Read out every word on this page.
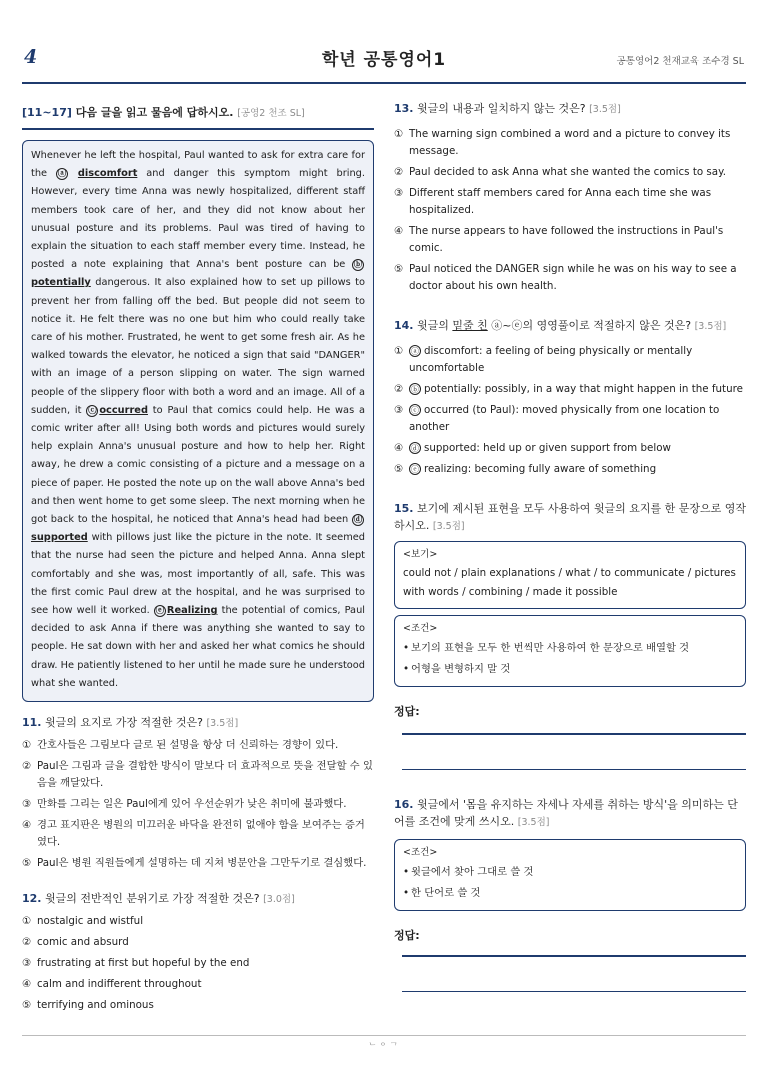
4	학년 공통영어1	공통영어2 천재교육 조수경 SL
[11~17] 다음 글을 읽고 물음에 답하시오. [공영2 천조 SL]
Whenever he left the hospital, Paul wanted to ask for extra care for the ⓐ discomfort and danger this symptom might bring. However, every time Anna was newly hospitalized, different staff members took care of her, and they did not know about her unusual posture and its problems. Paul was tired of having to explain the situation to each staff member every time. Instead, he posted a note explaining that Anna's bent posture can be ⓑpotentially dangerous. It also explained how to set up pillows to prevent her from falling off the bed. But people did not seem to notice it. He felt there was no one but him who could really take care of his mother. Frustrated, he went to get some fresh air. As he walked towards the elevator, he noticed a sign that said "DANGER" with an image of a person slipping on water. The sign warned people of the slippery floor with both a word and an image. All of a sudden, it ⓒ occurred to Paul that comics could help. He was a comic writer after all! Using both words and pictures would surely help explain Anna's unusual posture and how to help her. Right away, he drew a comic consisting of a picture and a message on a piece of paper. He posted the note up on the wall above Anna's bed and then went home to get some sleep. The next morning when he got back to the hospital, he noticed that Anna's head had been ⓓsupported with pillows just like the picture in the note. It seemed that the nurse had seen the picture and helped Anna. Anna slept comfortably and she was, most importantly of all, safe. This was the first comic Paul drew at the hospital, and he was surprised to see how well it worked. ⓔ Realizing the potential of comics, Paul decided to ask Anna if there was anything she wanted to say to people. He sat down with her and asked her what comics he should draw. He patiently listened to her until he made sure he understood what she wanted.
11. 윗글의 요지로 가장 적절한 것은? [3.5점]
① 간호사들은 그림보다 글로 된 설명을 항상 더 신뢰하는 경향이 있다.
② Paul은 그림과 글을 결합한 방식이 말보다 더 효과적으로 뜻을 전달할 수 있음을 깨달았다.
③ 만화를 그리는 일은 Paul에게 있어 우선순위가 낮은 취미에 불과했다.
④ 경고 표지판은 병원의 미끄러운 바닥을 완전히 없애야 함을 보여주는 증거였다.
⑤ Paul은 병원 직원들에게 설명하는 데 지쳐 병문안을 그만두기로 결심했다.
12. 윗글의 전반적인 분위기로 가장 적절한 것은? [3.0점]
① nostalgic and wistful
② comic and absurd
③ frustrating at first but hopeful by the end
④ calm and indifferent throughout
⑤ terrifying and ominous
13. 윗글의 내용과 일치하지 않는 것은? [3.5점]
① The warning sign combined a word and a picture to convey its message.
② Paul decided to ask Anna what she wanted the comics to say.
③ Different staff members cared for Anna each time she was hospitalized.
④ The nurse appears to have followed the instructions in Paul's comic.
⑤ Paul noticed the DANGER sign while he was on his way to see a doctor about his own health.
14. 윗글의 밑줄 친 ⓐ~ⓔ의 영영풀이로 적절하지 않은 것은? [3.5점]
① ⓐ discomfort: a feeling of being physically or mentally uncomfortable
② ⓑ potentially: possibly, in a way that might happen in the future
③ ⓒ occurred (to Paul): moved physically from one location to another
④ ⓓ supported: held up or given support from below
⑤ ⓔ realizing: becoming fully aware of something
15. 보기에 제시된 표현을 모두 사용하여 윗글의 요지를 한 문장으로 영작하시오. [3.5점]
<보기>
could not / plain explanations / what / to communicate / pictures with words / combining / made it possible
<조건>
• 보기의 표현을 모두 한 번씩만 사용하여 한 문장으로 배열할 것
• 어형을 변형하지 말 것
정답:
16. 윗글에서 '몸을 유지하는 자세나 자세를 취하는 방식'을 의미하는 단어를 조건에 맞게 쓰시오. [3.5점]
<조건>
• 윗글에서 찾아 그대로 쓸 것
• 한 단어로 쓸 것
정답:
ᄂᄋᄀ
